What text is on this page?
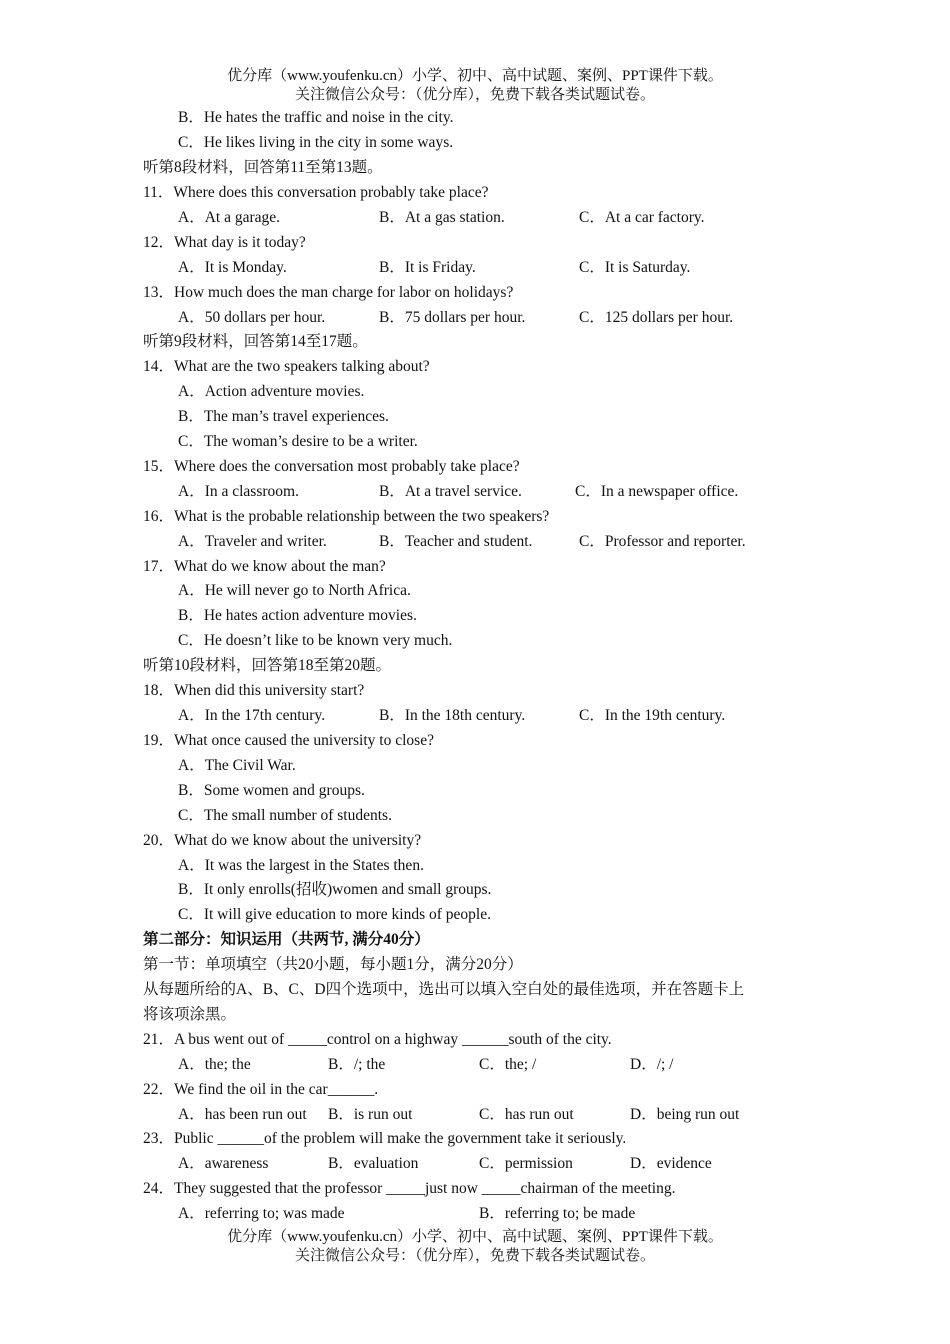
优分库（www.youfenku.cn）小学、初中、高中试题、案例、PPT课件下载。
关注微信公众号：（优分库），免费下载各类试题试卷。
B．He hates the traffic and noise in the city.
C．He likes living in the city in some ways.
听第8段材料，回答第11至第13题。
11．Where does this conversation probably take place?
A．At a garage.	B．At a gas station.	C．At a car factory.
12．What day is it today?
A．It is Monday.	B．It is Friday.	C．It is Saturday.
13．How much does the man charge for labor on holidays?
A．50 dollars per hour.	B．75 dollars per hour.	C．125 dollars per hour.
听第9段材料，回答第14至17题。
14．What are the two speakers talking about?
A．Action adventure movies.
B．The man’s travel experiences.
C．The woman’s desire to be a writer.
15．Where does the conversation most probably take place?
A．In a classroom.	B．At a travel service.	C．In a newspaper office.
16．What is the probable relationship between the two speakers?
A．Traveler and writer.	B．Teacher and student.	C．Professor and reporter.
17．What do we know about the man?
A．He will never go to North Africa.
B．He hates action adventure movies.
C．He doesn’t like to be known very much.
听第10段材料，回答第18至第20题。
18．When did this university start?
A．In the 17th century.	B．In the 18th century.	C．In the 19th century.
19．What once caused the university to close?
A．The Civil War.
B．Some women and groups.
C．The small number of students.
20．What do we know about the university?
A．It was the largest in the States then.
B．It only enrolls(招收)women and small groups.
C．It will give education to more kinds of people.
第二部分：知识运用（共两节, 满分40分）
第一节：单项填空（共20小题，每小题1分，满分20分）
从每题所给的A、B、C、D四个选项中，选出可以填入空白处的最佳选项，并在答题卡上
将该项涂黑。
21．A bus went out of _____control on a highway ______south of the city.
A．the; the	B．/; the	C．the; /	D．/; /
22．We find the oil in the car______.
A．has been run out B．is run out	C．has run out	D．being run out
23．Public ______of the problem will make the government take it seriously.
A．awareness	B．evaluation	C．permission	D．evidence
24．They suggested that the professor _____just now _____chairman of the meeting.
A．referring to; was made	B．referring to; be made
优分库（www.youfenku.cn）小学、初中、高中试题、案例、PPT课件下载。
关注微信公众号：（优分库），免费下载各类试题试卷。
